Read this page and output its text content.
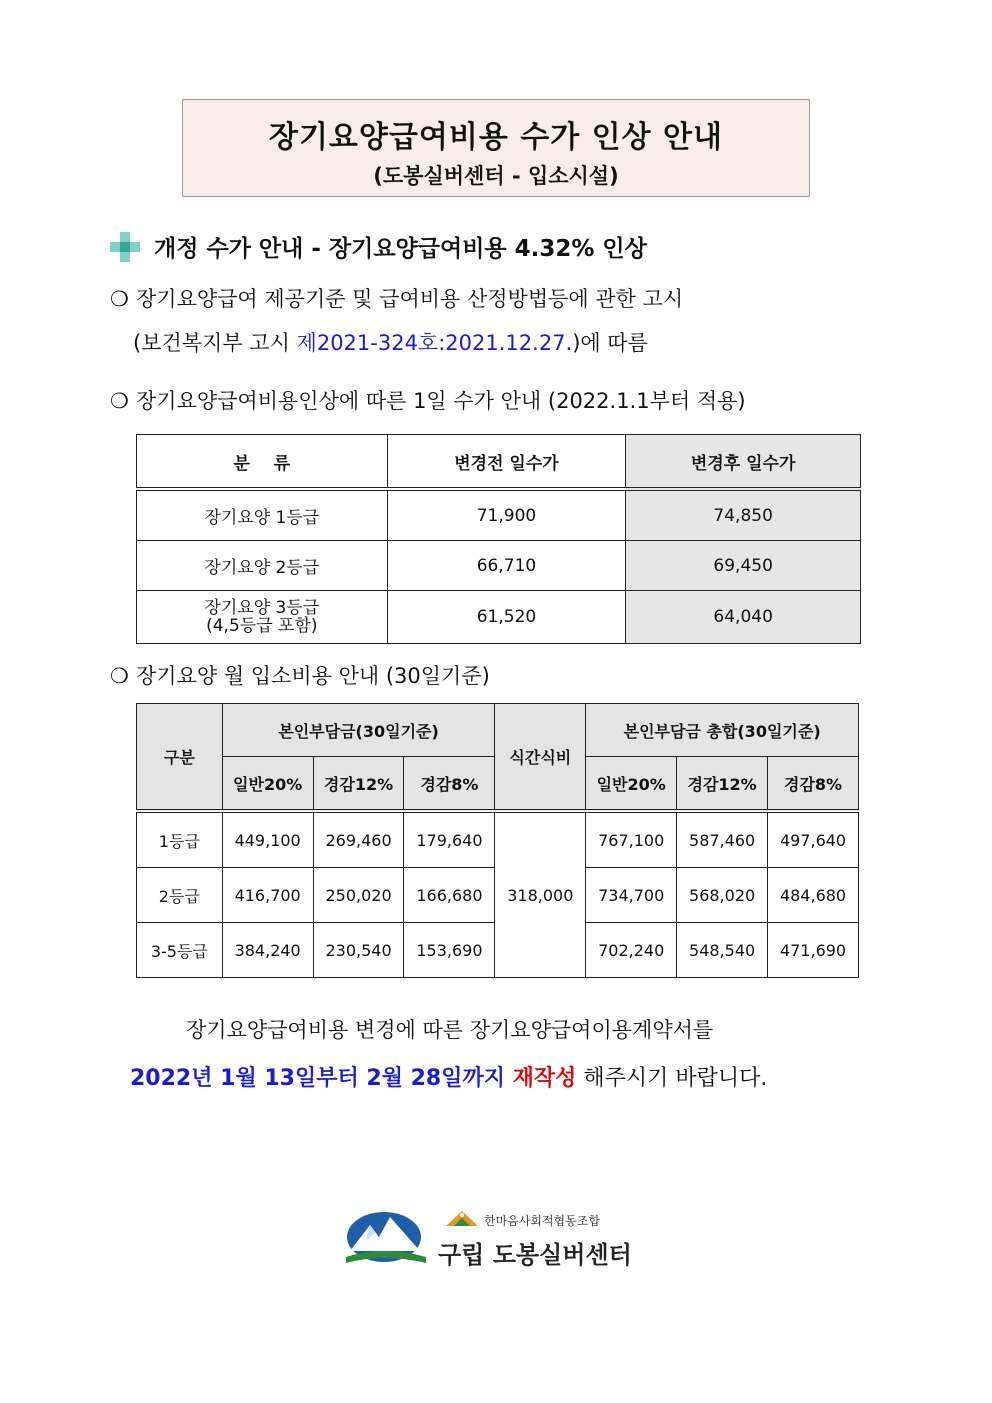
장기요양급여비용 수가 인상 안내
(도봉실버센터 - 입소시설)
개정 수가 안내 - 장기요양급여비용 4.32% 인상
❍ 장기요양급여 제공기준 및 급여비용 산정방법등에 관한 고시
(보건복지부 고시 제2021-324호:2021.12.27.)에 따름
❍ 장기요양급여비용인상에 따른 1일 수가 안내 (2022.1.1부터 적용)
분    류	변경전 일수가	변경후 일수가
장기요양 1등급	71,900	74,850
장기요양 2등급	66,710	69,450

장기요양 3등급
(4,5등급 포함)	61,520	64,040
❍ 장기요양 월 입소비용 안내 (30일기준)
구분	본인부담금(30일기준)			식간식비	본인부담금 총합(30일기준)		
	일반20%	경감12%	경감8%		일반20%	경감12%	경감8%
1등급	449,100	269,460	179,640	318,000	767,100	587,460	497,640
2등급	416,700	250,020	166,680		734,700	568,020	484,680
3-5등급	384,240	230,540	153,690		702,240	548,540	471,690
장기요양급여비용 변경에 따른 장기요양급여이용계약서를
2022년 1월 13일부터 2월 28일까지 재작성 해주시기 바랍니다.
한마음사회적협동조합
구립 도봉실버센터
